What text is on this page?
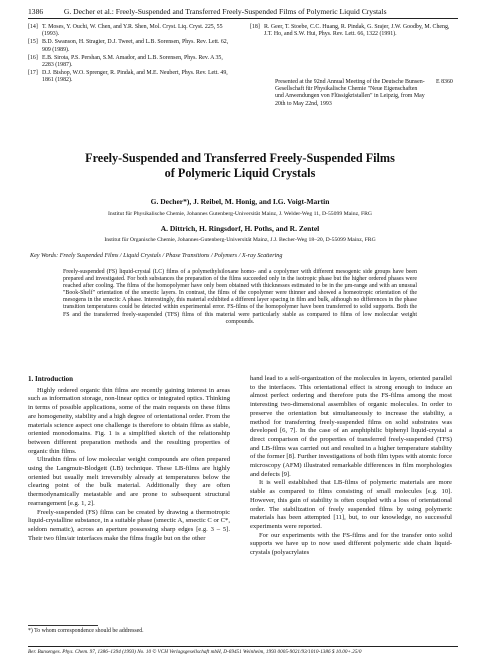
1386	G. Decher et al.: Freely-Suspended and Transferred Freely-Suspended Films of Polymeric Liquid Crystals
[14] T. Moses, Y. Ouchi, W. Chen, and Y.R. Shen, Mol. Cryst. Liq. Cryst. 225, 55 (1993).
[15] B.D. Swanson, H. Stragier, D.J. Tweet, and L.B. Sorensen, Phys. Rev. Lett. 62, 909 (1989).
[16] E.B. Sirota, P.S. Pershan, S.M. Amador, and L.B. Sorensen, Phys. Rev. A 35, 2283 (1987).
[17] D.J. Bishop, W.O. Sprenger, R. Pindak, and M.E. Neubert, Phys. Rev. Lett. 49, 1861 (1982).
[18] R. Geer, T. Stoebe, C.C. Huang, R. Pindak, G. Srajer, J.W. Goodby, M. Cheng, J.T. Ho, and S.W. Hui, Phys. Rev. Lett. 66, 1322 (1991).
Presented at the 92nd Annual Meeting of the Deutsche Bunsen-Gesellschaft für Physikalische Chemie "Neue Eigenschaften und Anwendungen von Flüssigkristallen" in Leipzig, from May 20th to May 22nd, 1993
E 8360
Freely-Suspended and Transferred Freely-Suspended Films
of Polymeric Liquid Crystals
G. Decher*), J. Reibel, M. Honig, and I.G. Voigt-Martin
Institut für Physikalische Chemie, Johannes Gutenberg-Universität Mainz, J. Welder-Weg 11, D-55099 Mainz, FRG
A. Dittrich, H. Ringsdorf, H. Poths, and R. Zentel
Institut für Organische Chemie, Johannes-Gutenberg-Universität Mainz, J.J. Becher-Weg 18–20, D-55099 Mainz, FRG
Key Words: Freely Suspended Films / Liquid Crystals / Phase Transitions / Polymers / X-ray Scattering
Freely-suspended (FS) liquid-crystal (LC) films of a polymethylsiloxane homo- and a copolymer with different mesogenic side groups have been prepared and investigated. For both substances the preparation of the films succeeded only in the isotropic phase but the higher ordered phases were reached after cooling. The films of the homopolymer have only been obtained with thicknesses estimated to be in the µm-range and with an unusual "Book-Shelf" orientation of the smectic layers. In contrast, the films of the copolymer were thinner and showed a homeotropic orientation of the mesogens in the smectic A phase. Interestingly, this material exhibited a different layer spacing in film and bulk, although no differences in the phase transition temperatures could be detected within experimental error. FS-films of the homopolymer have been transferred to solid supports. Both the FS and the transferred freely-suspended (TFS) films of this material were particularly stable as compared to films of low molecular weight compounds.
1. Introduction

Highly ordered organic thin films are recently gaining interest in areas such as information storage, non-linear optics or integrated optics. Thinking in terms of possible applications, some of the main requests on these films are homogeneity, stability and a high degree of orientational order. From the materials science aspect one challenge is therefore to obtain films as stable, oriented monodomains. Fig. 1 is a simplified sketch of the relationship between different preparation methods and the resulting properties of organic thin films.

Ultrathin films of low molecular weight compounds are often prepared using the Langmuir-Blodgett (LB) technique. These LB-films are highly oriented but usually melt irreversibly already at temperatures below the clearing point of the bulk material. Additionally they are often thermodynamically metastable and are prone to subsequent structural rearrangement [e.g. 1, 2].

Freely-suspended (FS) films can be created by drawing a thermotropic liquid-crystalline substance, in a suitable phase (smectic A, smectic C or C*, seldom nematic), across an aperture possessing sharp edges [e.g. 3 – 5]. Their two film/air interfaces make the films fragile but on the other

hand lead to a self-organization of the molecules in layers, oriented parallel to the interfaces. This orientational effect is strong enough to induce an almost perfect ordering and therefore puts the FS-films among the most interesting two-dimensional assemblies of organic molecules. In order to preserve the orientation but simultaneously to increase the stability, a method for transferring freely-suspended films on solid substrates was developed [6, 7]. In the case of an amphiphilic biphenyl liquid-crystal a direct comparison of the properties of transferred freely-suspended (TFS) and LB-films was carried out and resulted in a higher temperature stability of the former [8]. Further investigations of both film types with atomic force microscopy (AFM) illustrated remarkable differences in film morphologies and defects [9].

It is well established that LB-films of polymeric materials are more stable as compared to films consisting of small molecules [e.g. 10]. However, this gain of stability is often coupled with a loss of orientational order. The stabilization of freely suspended films by using polymeric materials has been attempted [11], but, to our knowledge, no successful experiments were reported.

For our experiments with the FS-films and for the transfer onto solid supports we have up to now used different polymeric side chain liquid-crystals (polyacrylates

*) To whom correspondence should be addressed.
Ber. Bunsenges. Phys. Chem. 97, 1386–1394 (1993) No. 10 © VCH Verlagsgesellschaft mbH, D-69451 Weinheim, 1993 0005-9021/93/1010-1386 $ 10.00+.25/0
